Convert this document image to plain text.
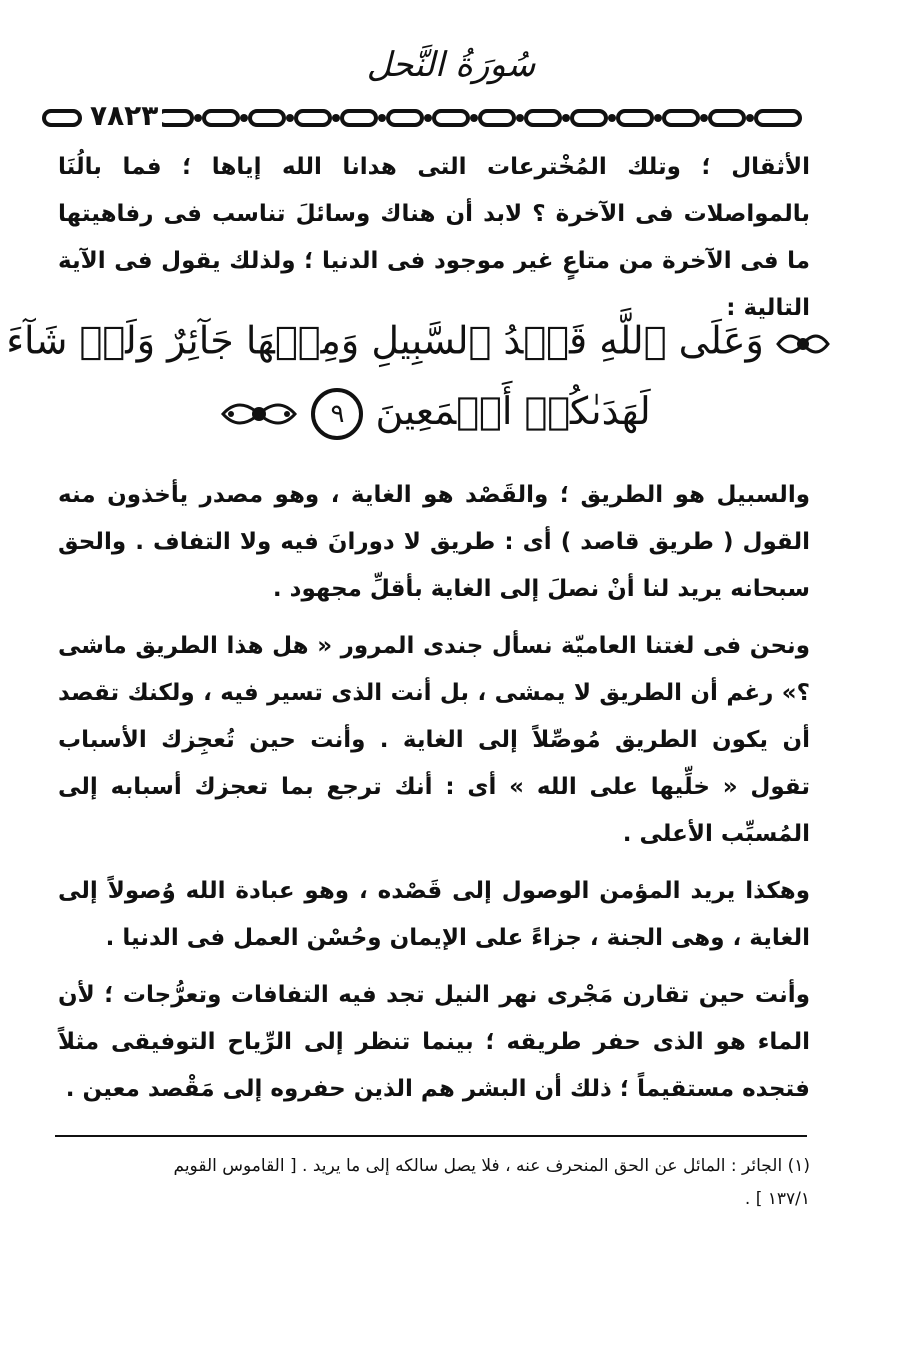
سُورَةُ النَّحل
٧٨٢٣

الأثقال ؛ وتلك المُخْترعات التى هدانا الله إياها ؛ فما بالُنَا بالمواصلات فى الآخرة ؟ لابد أن هناك وسائلَ تناسب فى رفاهيتها ما فى الآخرة من متاعٍ غير موجود فى الدنيا ؛ ولذلك يقول فى الآية التالية :

وَعَلَى ٱللَّهِ قَصۡدُ ٱلسَّبِيلِ وَمِنۡهَا جَآئِرٌ وَلَوۡ شَآءَ
لَهَدَىٰكُمۡ أَجۡمَعِينَ ٩

والسبيل هو الطريق ؛ والقَصْد هو الغاية ، وهو مصدر يأخذون منه القول ( طريق قاصد ) أى : طريق لا دورانَ فيه ولا التفاف . والحق سبحانه يريد لنا أنْ نصلَ إلى الغاية بأقلِّ مجهود .

ونحن فى لغتنا العاميّة نسأل جندى المرور « هل هذا الطريق ماشى ؟» رغم أن الطريق لا يمشى ، بل أنت الذى تسير فيه ، ولكنك تقصد أن يكون الطريق مُوصِّلاً إلى الغاية . وأنت حين تُعجِزك الأسباب تقول « خلِّيها على الله » أى : أنك ترجع بما تعجزك أسبابه إلى المُسبِّب الأعلى .

وهكذا يريد المؤمن الوصول إلى قَصْده ، وهو عبادة الله وُصولاً إلى الغاية ، وهى الجنة ، جزاءً على الإيمان وحُسْن العمل فى الدنيا .

وأنت حين تقارن مَجْرى نهر النيل تجد فيه التفافات وتعرُّجات ؛ لأن الماء هو الذى حفر طريقه ؛ بينما تنظر إلى الرِّياح التوفيقى مثلاً فتجده مستقيماً ؛ ذلك أن البشر هم الذين حفروه إلى مَقْصد معين .

(١) الجائر : المائل عن الحق المنحرف عنه ، فلا يصل سالكه إلى ما يريد . [ القاموس القويم
١٣٧/١ ] .
